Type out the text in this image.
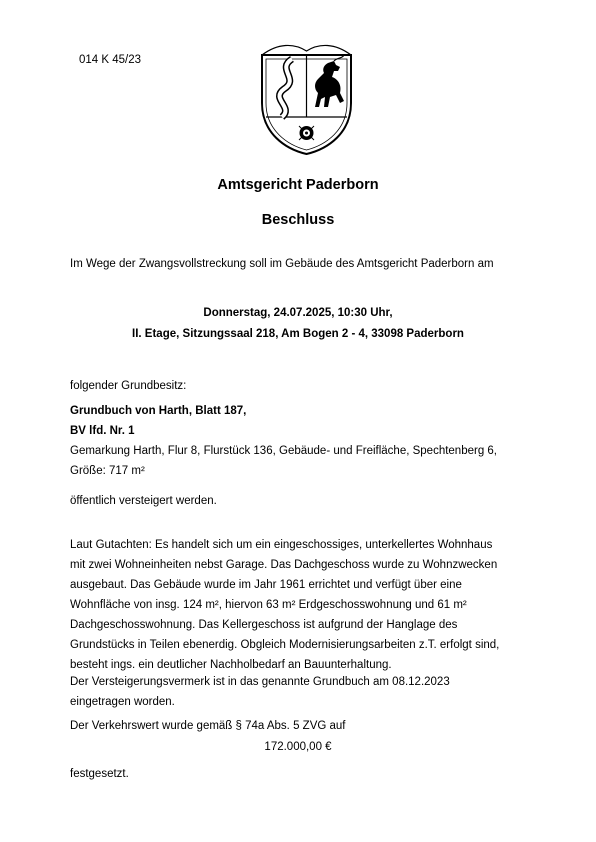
014 K 45/23
Amtsgericht Paderborn
Beschluss
Im Wege der Zwangsvollstreckung soll im Gebäude des Amtsgericht Paderborn am
Donnerstag, 24.07.2025, 10:30 Uhr,
II. Etage, Sitzungssaal 218, Am Bogen 2 - 4, 33098 Paderborn
folgender Grundbesitz:
Grundbuch von Harth, Blatt 187,
BV lfd. Nr. 1
Gemarkung Harth, Flur 8, Flurstück 136, Gebäude- und Freifläche, Spechtenberg 6,
Größe: 717 m²
öffentlich versteigert werden.
Laut Gutachten: Es handelt sich um ein eingeschossiges, unterkellertes Wohnhaus
mit zwei Wohneinheiten nebst Garage. Das Dachgeschoss wurde zu Wohnzwecken
ausgebaut. Das Gebäude wurde im Jahr 1961 errichtet und verfügt über eine
Wohnfläche von insg. 124 m², hiervon 63 m² Erdgeschosswohnung und 61 m²
Dachgeschosswohnung. Das Kellergeschoss ist aufgrund der Hanglage des
Grundstücks in Teilen ebenerdig. Obgleich Modernisierungsarbeiten z.T. erfolgt sind,
besteht ings. ein deutlicher Nachholbedarf an Bauunterhaltung.
Der Versteigerungsvermerk ist in das genannte Grundbuch am 08.12.2023
eingetragen worden.
Der Verkehrswert wurde gemäß § 74a Abs. 5 ZVG auf
172.000,00 €
festgesetzt.
